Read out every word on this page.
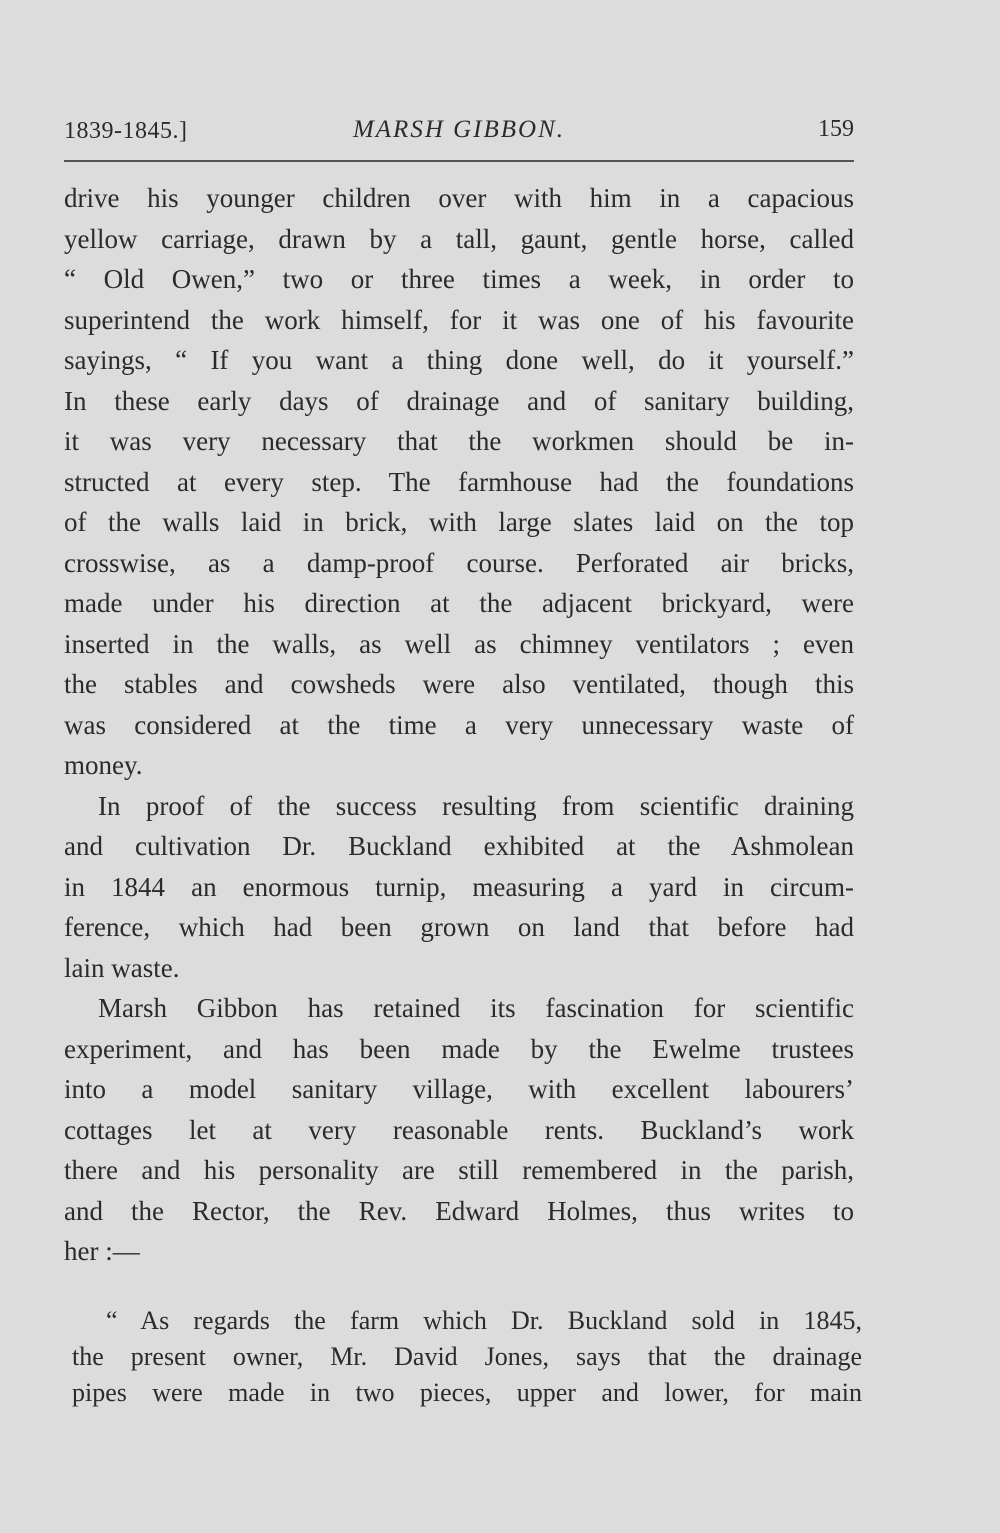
1839-1845.]	MARSH GIBBON.	159
drive his younger children over with him in a capacious
yellow carriage, drawn by a tall, gaunt, gentle horse, called
“ Old Owen,” two or three times a week, in order to
superintend the work himself, for it was one of his favourite
sayings, “ If you want a thing done well, do it yourself.”
In these early days of drainage and of sanitary building,
it was very necessary that the workmen should be in-
structed at every step. The farmhouse had the foundations
of the walls laid in brick, with large slates laid on the top
crosswise, as a damp-proof course. Perforated air bricks,
made under his direction at the adjacent brickyard, were
inserted in the walls, as well as chimney ventilators ; even
the stables and cowsheds were also ventilated, though this
was considered at the time a very unnecessary waste of
money.
In proof of the success resulting from scientific draining
and cultivation Dr. Buckland exhibited at the Ashmolean
in 1844 an enormous turnip, measuring a yard in circum-
ference, which had been grown on land that before had
lain waste.
Marsh Gibbon has retained its fascination for scientific
experiment, and has been made by the Ewelme trustees
into a model sanitary village, with excellent labourers’
cottages let at very reasonable rents. Buckland’s work
there and his personality are still remembered in the parish,
and the Rector, the Rev. Edward Holmes, thus writes to
her :—
“ As regards the farm which Dr. Buckland sold in 1845,
the present owner, Mr. David Jones, says that the drainage
pipes were made in two pieces, upper and lower, for main
